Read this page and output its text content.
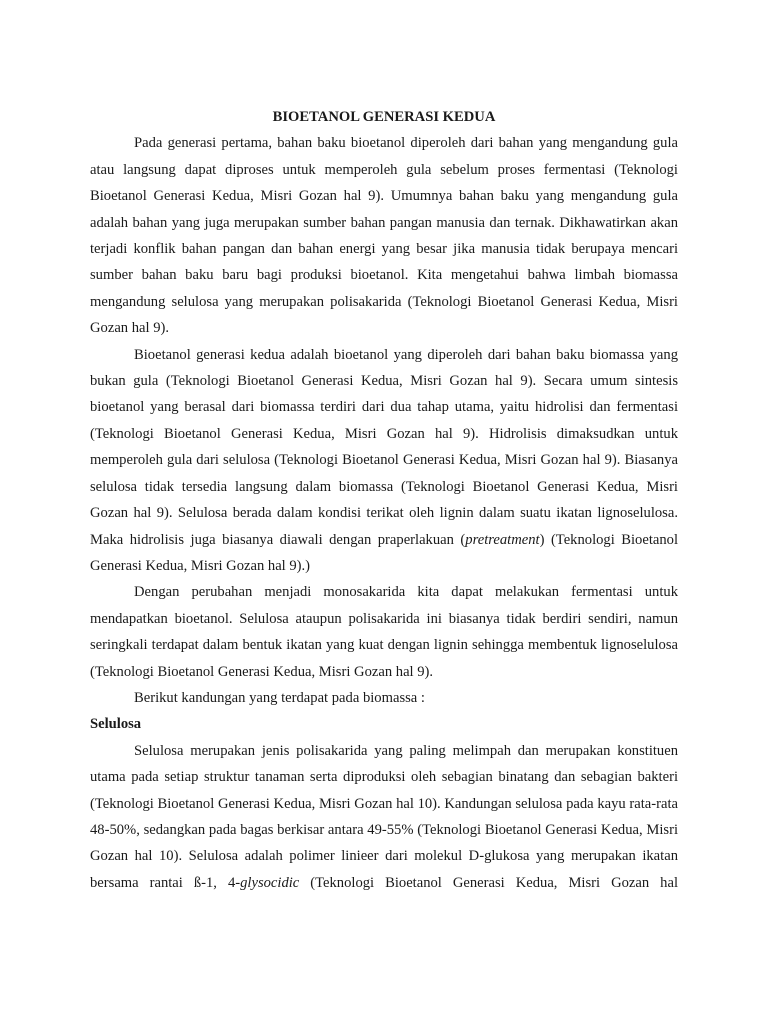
BIOETANOL GENERASI KEDUA

Pada generasi pertama, bahan baku bioetanol diperoleh dari bahan yang mengandung gula atau langsung dapat diproses untuk memperoleh gula sebelum proses fermentasi (Teknologi Bioetanol Generasi Kedua, Misri Gozan hal 9). Umumnya bahan baku yang mengandung gula adalah bahan yang juga merupakan sumber bahan pangan manusia dan ternak. Dikhawatirkan akan terjadi konflik bahan pangan dan bahan energi yang besar jika manusia tidak berupaya mencari sumber bahan baku baru bagi produksi bioetanol. Kita mengetahui bahwa limbah biomassa mengandung selulosa yang merupakan polisakarida (Teknologi Bioetanol Generasi Kedua, Misri Gozan hal 9).

Bioetanol generasi kedua adalah bioetanol yang diperoleh dari bahan baku biomassa yang bukan gula (Teknologi Bioetanol Generasi Kedua, Misri Gozan hal 9). Secara umum sintesis bioetanol yang berasal dari biomassa terdiri dari dua tahap utama, yaitu hidrolisi dan fermentasi (Teknologi Bioetanol Generasi Kedua, Misri Gozan hal 9). Hidrolisis dimaksudkan untuk memperoleh gula dari selulosa (Teknologi Bioetanol Generasi Kedua, Misri Gozan hal 9). Biasanya selulosa tidak tersedia langsung dalam biomassa (Teknologi Bioetanol Generasi Kedua, Misri Gozan hal 9). Selulosa berada dalam kondisi terikat oleh lignin dalam suatu ikatan lignoselulosa. Maka hidrolisis juga biasanya diawali dengan praperlakuan (pretreatment) (Teknologi Bioetanol Generasi Kedua, Misri Gozan hal 9).)

Dengan perubahan menjadi monosakarida kita dapat melakukan fermentasi untuk mendapatkan bioetanol. Selulosa ataupun polisakarida ini biasanya tidak berdiri sendiri, namun seringkali terdapat dalam bentuk ikatan yang kuat dengan lignin sehingga membentuk lignoselulosa (Teknologi Bioetanol Generasi Kedua, Misri Gozan hal 9).

Berikut kandungan yang terdapat pada biomassa :

Selulosa

Selulosa merupakan jenis polisakarida yang paling melimpah dan merupakan konstituen utama pada setiap struktur tanaman serta diproduksi oleh sebagian binatang dan sebagian bakteri (Teknologi Bioetanol Generasi Kedua, Misri Gozan hal 10). Kandungan selulosa pada kayu rata-rata 48-50%, sedangkan pada bagas berkisar antara 49-55% (Teknologi Bioetanol Generasi Kedua, Misri Gozan hal 10). Selulosa adalah polimer linieer dari molekul D-glukosa yang merupakan ikatan bersama rantai ß-1, 4-glysocidic (Teknologi Bioetanol Generasi Kedua, Misri Gozan hal
